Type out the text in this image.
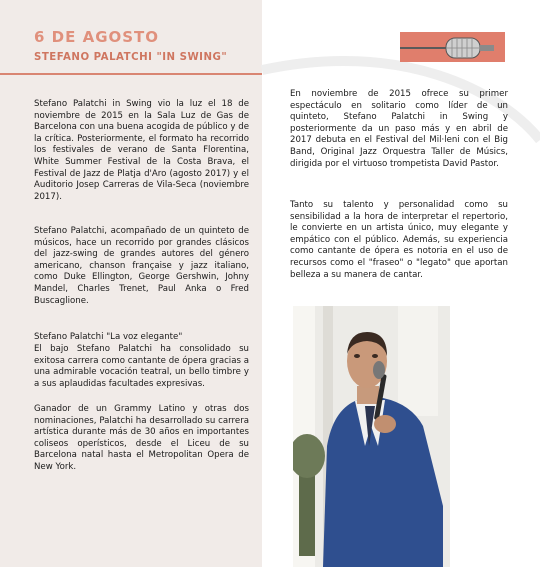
6 DE AGOSTO
STEFANO PALATCHI "IN SWING"

Stefano Palatchi in Swing vio la luz el 18 de noviembre de 2015 en la Sala Luz de Gas de Barcelona con una buena acogida de público y de la crítica. Posteriormente, el formato ha recorrido los festivales de verano de Santa Florentina, White Summer Festival de la Costa Brava, el Festival de Jazz de Platja d'Aro (agosto 2017) y el Auditorio Josep Carreras de Vila-Seca (noviembre 2017).

Stefano Palatchi, acompañado de un quinteto de músicos, hace un recorrido por grandes clásicos del jazz-swing de grandes autores del género americano, chanson française y jazz italiano, como Duke Ellington, George Gershwin, Johny Mandel, Charles Trenet, Paul Anka o Fred Buscaglione.

Stefano Palatchi "La voz elegante"

El bajo Stefano Palatchi ha consolidado su exitosa carrera como cantante de ópera gracias a una admirable vocación teatral, un bello timbre y a sus aplaudidas facultades expresivas.

Ganador de un Grammy Latino y otras dos nominaciones, Palatchi ha desarrollado su carrera artística durante más de 30 años en importantes coliseos operísticos, desde el Liceu de su Barcelona natal hasta el Metropolitan Opera de New York.

En noviembre de 2015 ofrece su primer espectáculo en solitario como líder de un quinteto, Stefano Palatchi in Swing y posteriormente da un paso más y en abril de 2017 debuta en el Festival del Mil·leni con el Big Band, Original Jazz Orquestra Taller de Músics, dirigida por el virtuoso trompetista David Pastor.

Tanto su talento y personalidad como su sensibilidad a la hora de interpretar el repertorio, le convierte en un artista único, muy elegante y empático con el público. Además, su experiencia como cantante de ópera es notoria en el uso de recursos como el "fraseo" o "legato" que aportan belleza a su manera de cantar.
